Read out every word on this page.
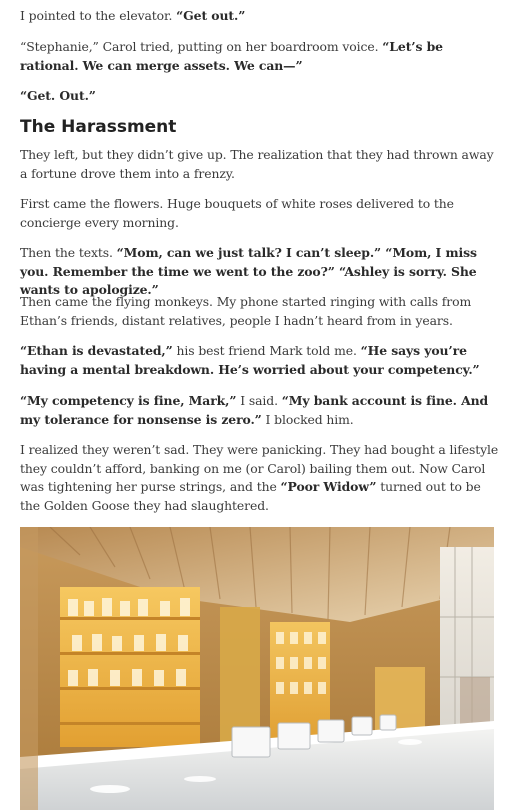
I pointed to the elevator. “Get out.”

“Stephanie,” Carol tried, putting on her boardroom voice. “Let’s be rational. We can merge assets. We can—”

“Get. Out.”

The Harassment

They left, but they didn’t give up. The realization that they had thrown away a fortune drove them into a frenzy.

First came the flowers. Huge bouquets of white roses delivered to the concierge every morning.

Then the texts. “Mom, can we just talk? I can’t sleep.” “Mom, I miss you. Remember the time we went to the zoo?” “Ashley is sorry. She wants to apologize.”

Then came the flying monkeys. My phone started ringing with calls from Ethan’s friends, distant relatives, people I hadn’t heard from in years.

“Ethan is devastated,” his best friend Mark told me. “He says you’re having a mental breakdown. He’s worried about your competency.”

“My competency is fine, Mark,” I said. “My bank account is fine. And my tolerance for nonsense is zero.” I blocked him.

I realized they weren’t sad. They were panicking. They had bought a lifestyle they couldn’t afford, banking on me (or Carol) bailing them out. Now Carol was tightening her purse strings, and the “Poor Widow” turned out to be the Golden Goose they had slaughtered.
